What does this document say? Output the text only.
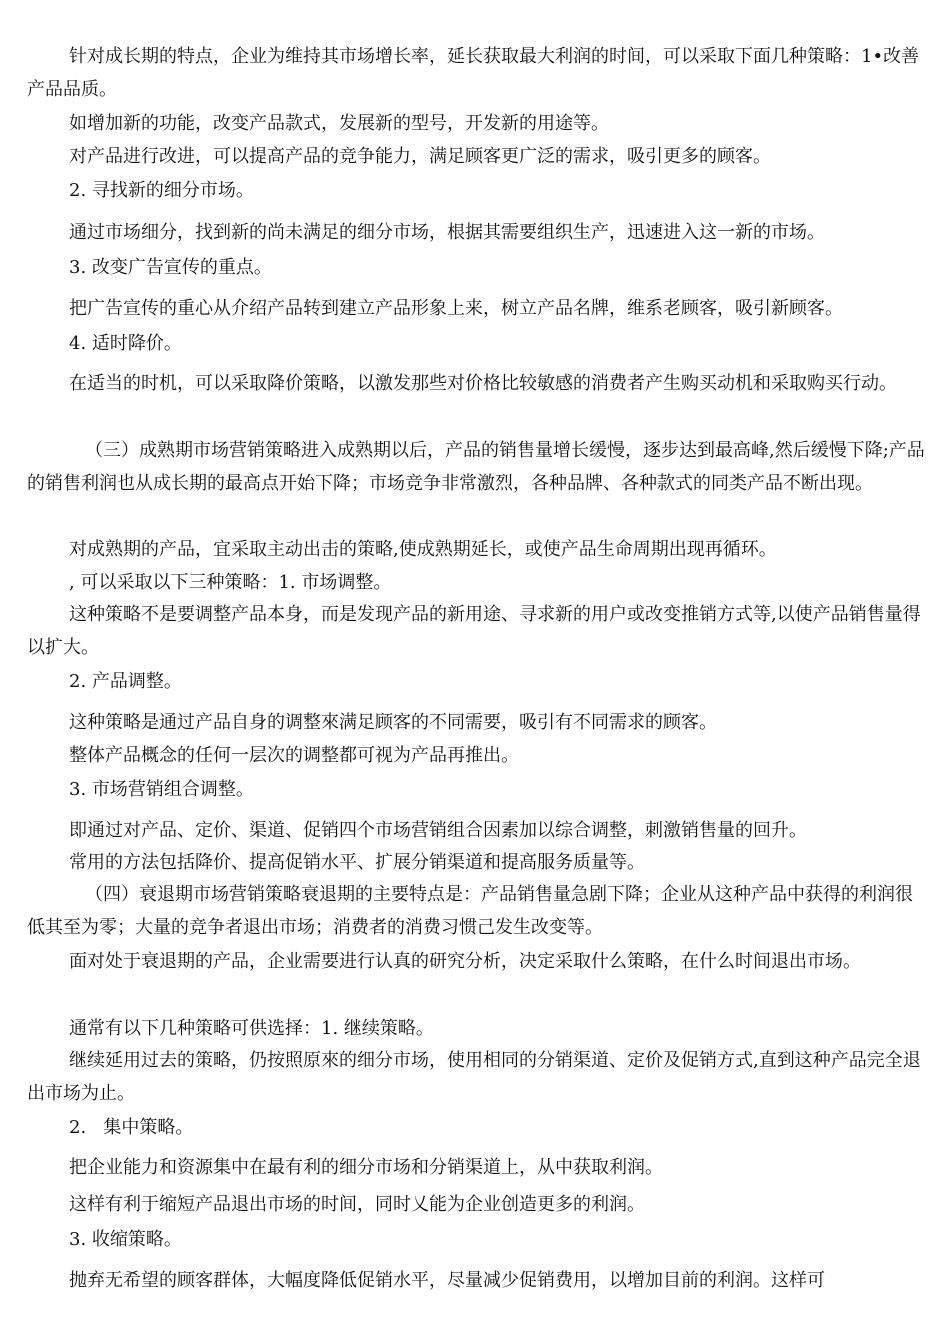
针对成长期的特点，企业为维持其市场增长率，延长获取最大利润的时间，可以采取下面几种策略：1•改善产品品质。

如增加新的功能，改变产品款式，发展新的型号，开发新的用途等。

对产品进行改进，可以提高产品的竞争能力，满足顾客更广泛的需求，吸引更多的顾客。

2. 寻找新的细分市场。

通过市场细分，找到新的尚未满足的细分市场，根据其需要组织生产，迅速进入这一新的市场。

3. 改变广告宣传的重点。

把广告宣传的重心从介绍产品转到建立产品形象上来，树立产品名牌，维系老顾客，吸引新顾客。

4. 适时降价。

在适当的时机，可以采取降价策略，以激发那些对价格比较敏感的消费者产生购买动机和采取购买行动。

（三）成熟期市场营销策略进入成熟期以后，产品的销售量增长缓慢，逐步达到最高峰,然后缓慢下降;产品的销售利润也从成长期的最高点开始下降；市场竞争非常激烈，各种品牌、各种款式的同类产品不断出现。

对成熟期的产品，宜采取主动出击的策略,使成熟期延长，或使产品生命周期出现再循环。

, 可以采取以下三种策略：1. 市场调整。

这种策略不是要调整产品本身，而是发现产品的新用途、寻求新的用户或改变推销方式等,以使产品销售量得以扩大。

2. 产品调整。

这种策略是通过产品自身的调整來满足顾客的不同需要，吸引有不同需求的顾客。

整体产品概念的任何一层次的调整都可视为产品再推出。

3. 市场营销组合调整。

即通过对产品、定价、渠道、促销四个市场营销组合因素加以综合调整，刺激销售量的回升。

常用的方法包括降价、提高促销水平、扩展分销渠道和提高服务质量等。

（四）衰退期市场营销策略衰退期的主要特点是：产品销售量急剧下降；企业从这种产品中获得的利润很低其至为零；大量的竞争者退出市场；消费者的消费习惯己发生改变等。

面对处于衰退期的产品，企业需要进行认真的研究分析，决定采取什么策略，在什么时间退出市场。

通常有以下几种策略可供选择：1. 继续策略。

继续延用过去的策略，仍按照原來的细分市场，使用相同的分销渠道、定价及促销方式,直到这种产品完全退出市场为止。

2.   集中策略。

把企业能力和资源集中在最有利的细分市场和分销渠道上，从中获取利润。

这样有利于缩短产品退出市场的时间，同时乂能为企业创造更多的利润。

3. 收缩策略。

抛弃无希望的顾客群体，大幅度降低促销水平，尽量减少促销费用，以增加目前的利润。这样可
